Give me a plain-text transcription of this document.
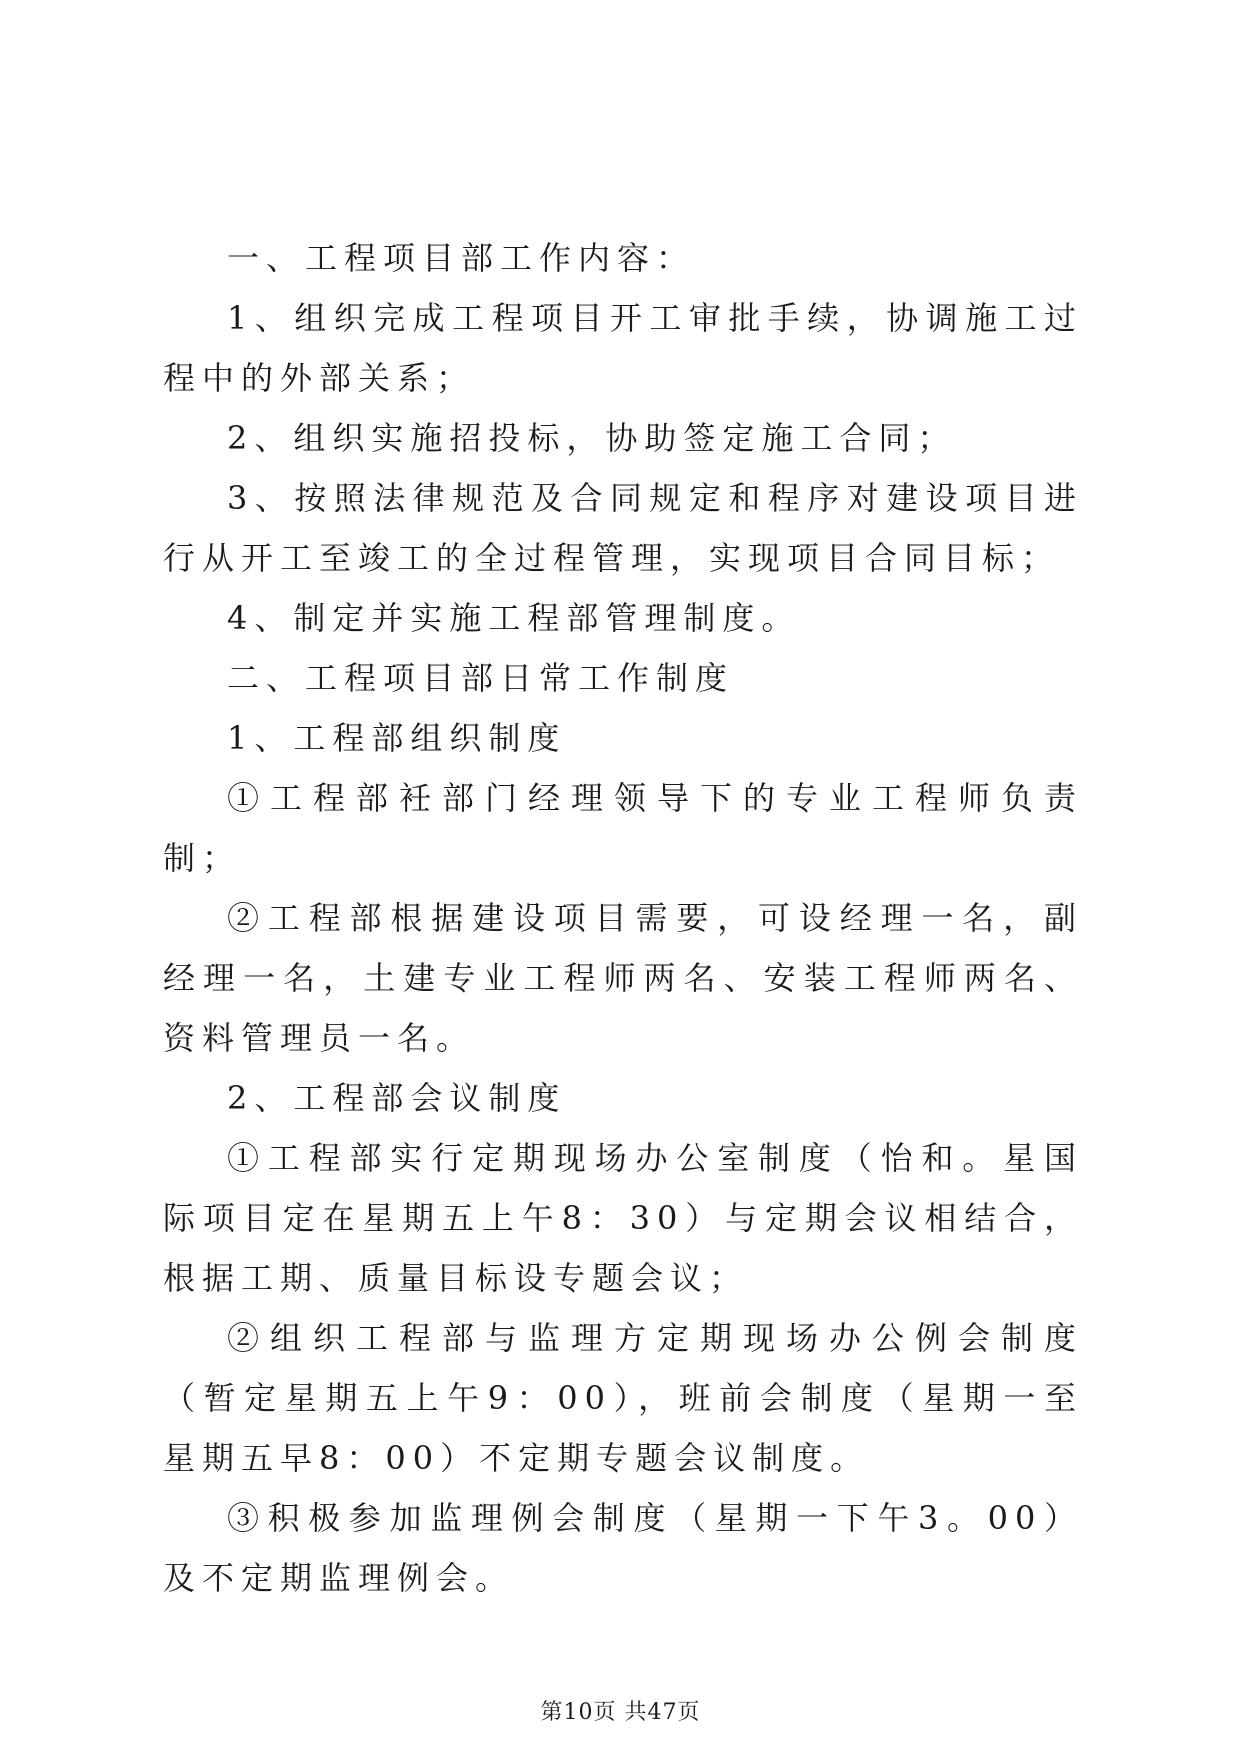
一、工程项目部工作内容：

1、组织完成工程项目开工审批手续，协调施工过程中的外部关系；

2、组织实施招投标，协助签定施工合同；

3、按照法律规范及合同规定和程序对建设项目进行从开工至竣工的全过程管理，实现项目合同目标；

4、制定并实施工程部管理制度。

二、工程项目部日常工作制度

1、工程部组织制度

①工程部衽部门经理领导下的专业工程师负责制；

②工程部根据建设项目需要，可设经理一名，副经理一名，土建专业工程师两名、安装工程师两名、资料管理员一名。

2、工程部会议制度

①工程部实行定期现场办公室制度（怡和。星国际项目定在星期五上午8：30）与定期会议相结合，根据工期、质量目标设专题会议；

②组织工程部与监理方定期现场办公例会制度（暂定星期五上午9：00），班前会制度（星期一至星期五早8：00）不定期专题会议制度。

③积极参加监理例会制度（星期一下午3。00）及不定期监理例会。

第10页 共47页
